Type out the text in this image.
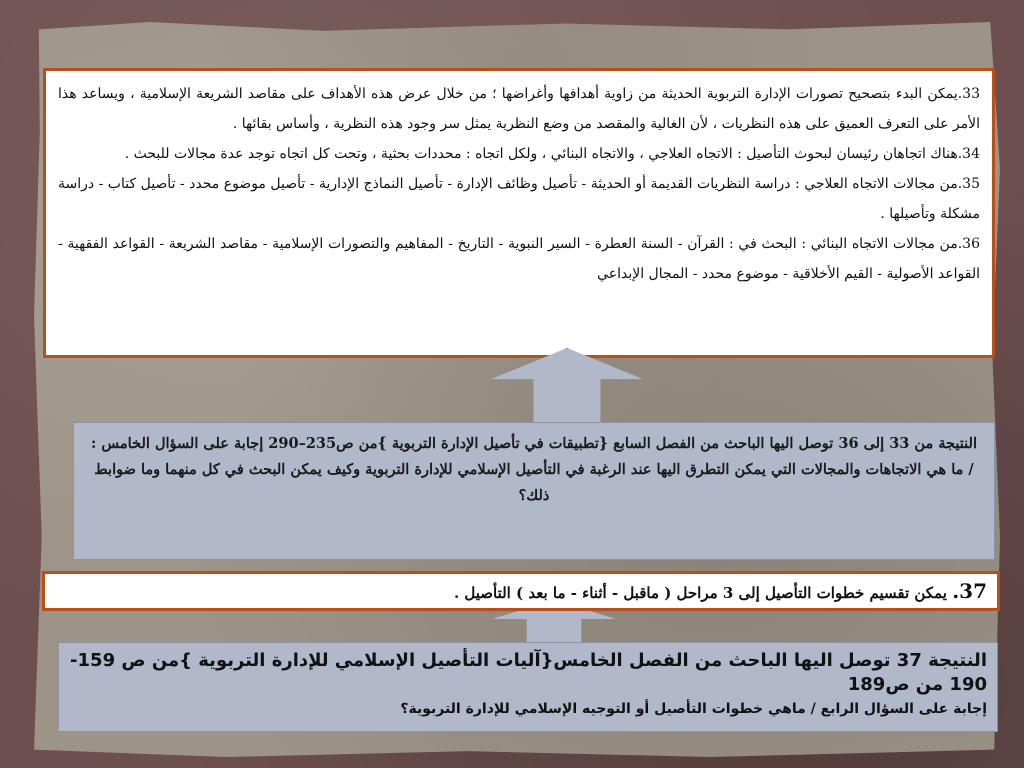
33.يمكن البدء بتصحيح تصورات الإدارة التربوية الحديثة من زاوية أهدافها وأغراضها ؛ من خلال عرض هذه الأهداف على مقاصد الشريعة الإسلامية ، ويساعد هذا الأمر على التعرف العميق على هذه النظريات ، لأن الغالية والمقصد من وضع النظرية يمثل سر وجود هذه النظرية ، وأساس بقائها .

34.هناك اتجاهان رئيسان لبحوث التأصيل : الاتجاه العلاجي ، والاتجاه البنائي ، ولكل اتجاه : محددات بحثية ، وتحت كل اتجاه توجد عدة مجالات للبحث .

35.من مجالات الاتجاه العلاجي : دراسة النظريات القديمة أو الحديثة - تأصيل وظائف الإدارة - تأصيل النماذج الإدارية - تأصيل موضوع محدد - تأصيل كتاب - دراسة مشكلة وتأصيلها .

36.من مجالات الاتجاه البنائي : البحث في : القرآن - السنة العطرة - السير النبوية - التاريخ - المفاهيم والتصورات الإسلامية - مقاصد الشريعة - القواعد الفقهية - القواعد الأصولية - القيم الأخلاقية - موضوع محدد - المجال الإبداعي

النتيجة من 33 إلى 36 توصل اليها الباحث من الفصل السابع {تطبيقات في تأصيل الإدارة التربوية }من ص235–290 إجابة على السؤال الخامس :

/ ما هي الاتجاهات والمجالات التي يمكن التطرق اليها عند الرغبة في التأصيل الإسلامي للإدارة التربوية وكيف يمكن البحث في كل منهما وما ضوابط ذلك؟

37. يمكن تقسيم خطوات التأصيل إلى 3 مراحل ( ماقبل - أثناء - ما بعد ) التأصيل .

النتيجة 37 توصل اليها الباحث من الفصل الخامس{آليات التأصيل الإسلامي للإدارة التربوية }من ص 159-190 من ص189

إجابة على السؤال الرابع / ماهي خطوات التأصيل أو التوجيه الإسلامي للإدارة التربوية؟
